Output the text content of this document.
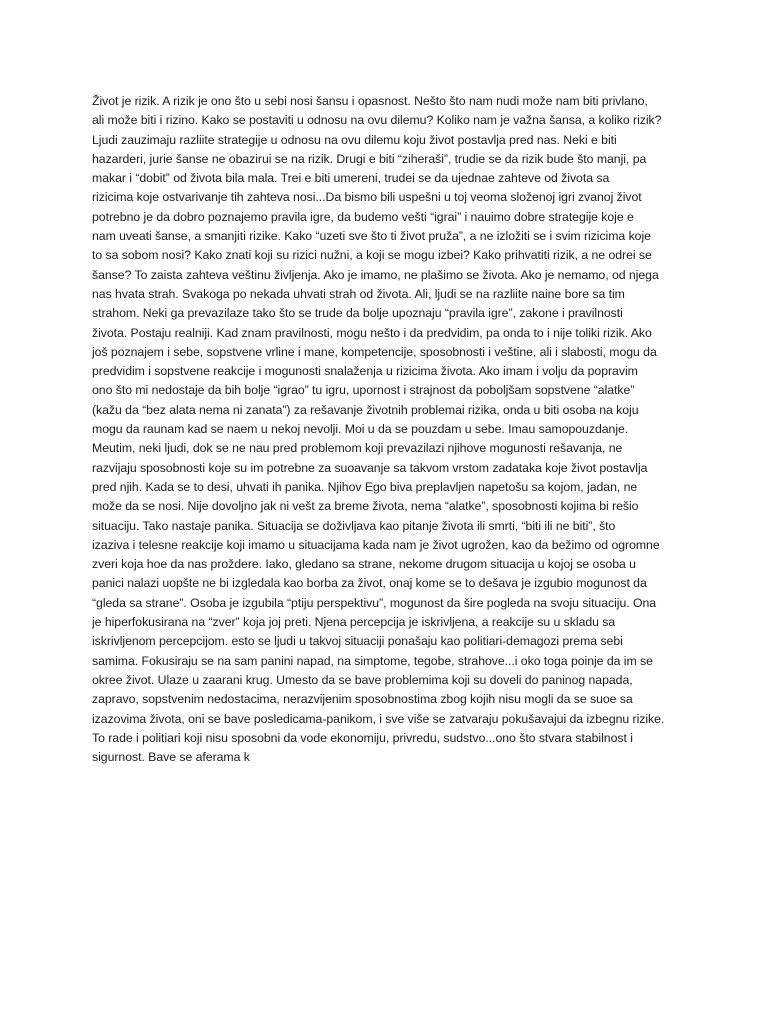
Život je rizik. A rizik je ono što u sebi nosi šansu i opasnost. Nešto što nam nudi može nam biti privlano,
ali može biti i rizino. Kako se postaviti u odnosu na ovu dilemu? Koliko nam je važna šansa, a koliko rizik?
Ljudi zauzimaju razliite strategije u odnosu na ovu dilemu koju život postavlja pred nas. Neki e biti
hazarderi, jurie šanse ne obazirui se na rizik. Drugi e biti “ziheraši”, trudie se da rizik bude što manji, pa
makar i “dobit” od života bila mala. Trei e biti umereni, trudei se da ujednae zahteve od života sa
rizicima koje ostvarivanje tih zahteva nosi...Da bismo bili uspešni u toj veoma složenoj igri zvanoj život
potrebno je da dobro poznajemo pravila igre, da budemo vešti “igrai” i nauimo dobre strategije koje e
nam uveati šanse, a smanjiti rizike. Kako “uzeti sve što ti život pruža”, a ne izložiti se i svim rizicima koje
to sa sobom nosi? Kako znati koji su rizici nužni, a koji se mogu izbei? Kako prihvatiti rizik, a ne odrei se
šanse? To zaista zahteva veštinu življenja. Ako je imamo, ne plašimo se života. Ako je nemamo, od njega
nas hvata strah. Svakoga po nekada uhvati strah od života. Ali, ljudi se na razliite naine bore sa tim
strahom. Neki ga prevazilaze tako što se trude da bolje upoznaju “pravila igre”, zakone i pravilnosti
života. Postaju realniji. Kad znam pravilnosti, mogu nešto i da predvidim, pa onda to i nije toliki rizik. Ako
još poznajem i sebe, sopstvene vrline i mane, kompetencije, sposobnosti i veštine, ali i slabosti, mogu da
predvidim i sopstvene reakcije i mogunosti snalaženja u rizicima života. Ako imam i volju da popravim
ono što mi nedostaje da bih bolje “igrao” tu igru, upornost i strajnost da poboljšam sopstvene “alatke”
(kažu da “bez alata nema ni zanata”) za rešavanje životnih problemai rizika, onda u biti osoba na koju
mogu da raunam kad se naem u nekoj nevolji. Moi u da se pouzdam u sebe. Imau samopouzdanje.
Meutim, neki ljudi, dok se ne nau pred problemom koji prevazilazi njihove mogunosti rešavanja, ne
razvijaju sposobnosti koje su im potrebne za suoavanje sa takvom vrstom zadataka koje život postavlja
pred njih. Kada se to desi, uhvati ih panika. Njihov Ego biva preplavljen napetošu sa kojom, jadan, ne
može da se nosi. Nije dovoljno jak ni vešt za breme života, nema “alatke”, sposobnosti kojima bi rešio
situaciju. Tako nastaje panika. Situacija se doživljava kao pitanje života ili smrti, “biti ili ne biti”, što
izaziva i telesne reakcije koji imamo u situacijama kada nam je život ugrožen, kao da bežimo od ogromne
zveri koja hoe da nas proždere. Iako, gledano sa strane, nekome drugom situacija u kojoj se osoba u
panici nalazi uopšte ne bi izgledala kao borba za život, onaj kome se to dešava je izgubio mogunost da
“gleda sa strane”. Osoba je izgubila “ptiju perspektivu”, mogunost da šire pogleda na svoju situaciju. Ona
je hiperfokusirana na “zver” koja joj preti. Njena percepcija je iskrivljena, a reakcije su u skladu sa
iskrivljenom percepcijom. esto se ljudi u takvoj situaciji ponašaju kao politiari-demagozi prema sebi
samima. Fokusiraju se na sam panini napad, na simptome, tegobe, strahove...i oko toga poinje da im se
okree život. Ulaze u zaarani krug. Umesto da se bave problemima koji su doveli do paninog napada,
zapravo, sopstvenim nedostacima, nerazvijenim sposobnostima zbog kojih nisu mogli da se suoe sa
izazovima života, oni se bave posledicama-panikom, i sve više se zatvaraju pokušavajui da izbegnu rizike.
To rade i politiari koji nisu sposobni da vode ekonomiju, privredu, sudstvo...ono što stvara stabilnost i
sigurnost. Bave se aferama k
